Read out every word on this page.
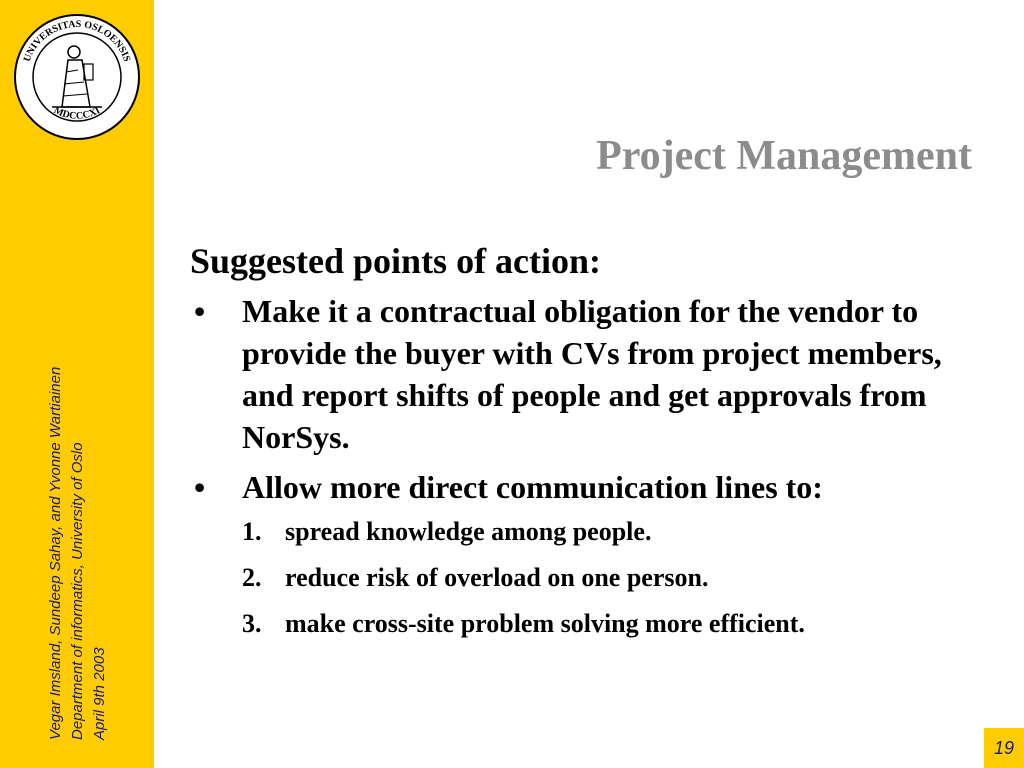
UNIVERSITAS OSLOENSIS
MDCCCXI
Vegar Imsland, Sundeep Sahay, and Yvonne Wartiainen Department of informatics, University of Oslo April 9th 2003
Project Management
Suggested points of action:
• Make it a contractual obligation for the vendor to provide the buyer with CVs from project members, and report shifts of people and get approvals from NorSys.
• Allow more direct communication lines to:
1. spread knowledge among people.
2. reduce risk of overload on one person.
3. make cross-site problem solving more efficient.
19
